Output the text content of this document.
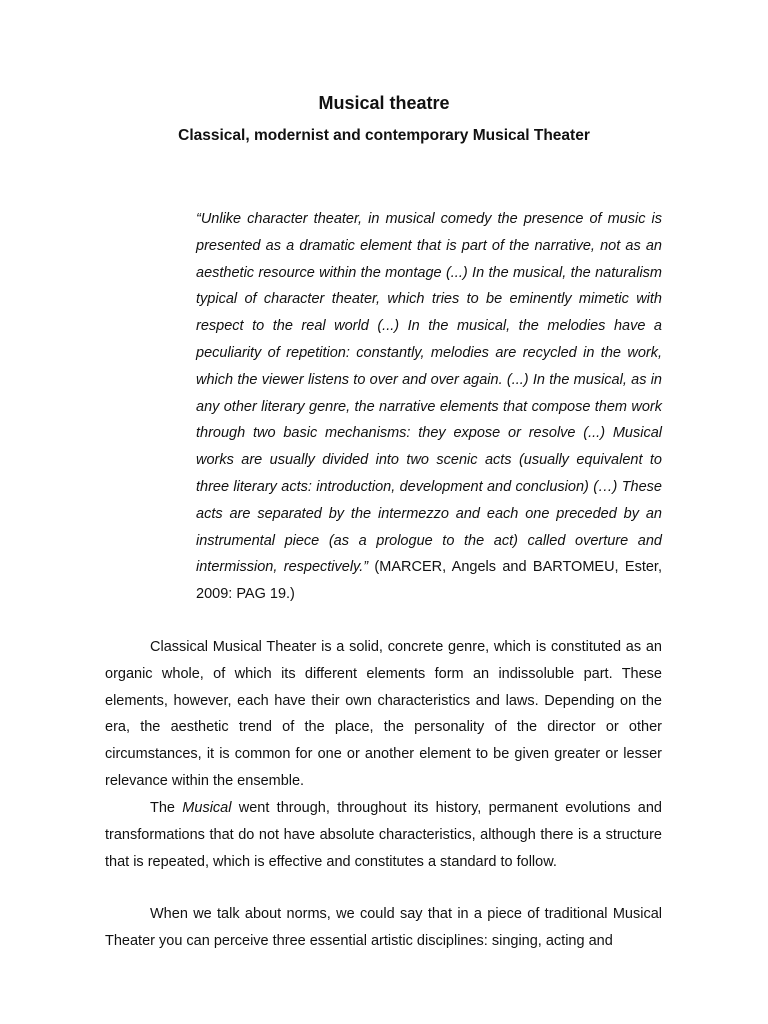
Musical theatre
Classical, modernist and contemporary Musical Theater
“Unlike character theater, in musical comedy the presence of music is presented as a dramatic element that is part of the narrative, not as an aesthetic resource within the montage (...) In the musical, the naturalism typical of character theater, which tries to be eminently mimetic with respect to the real world (...) In the musical, the melodies have a peculiarity of repetition: constantly, melodies are recycled in the work, which the viewer listens to over and over again. (...) In the musical, as in any other literary genre, the narrative elements that compose them work through two basic mechanisms: they expose or resolve (...) Musical works are usually divided into two scenic acts (usually equivalent to three literary acts: introduction, development and conclusion) (…) These acts are separated by the intermezzo and each one preceded by an instrumental piece (as a prologue to the act) called overture and intermission, respectively.” (MARCER, Angels and BARTOMEU, Ester, 2009: PAG 19.)

Classical Musical Theater is a solid, concrete genre, which is constituted as an organic whole, of which its different elements form an indissoluble part. These elements, however, each have their own characteristics and laws. Depending on the era, the aesthetic trend of the place, the personality of the director or other circumstances, it is common for one or another element to be given greater or lesser relevance within the ensemble.

The Musical went through, throughout its history, permanent evolutions and transformations that do not have absolute characteristics, although there is a structure that is repeated, which is effective and constitutes a standard to follow.

When we talk about norms, we could say that in a piece of traditional Musical Theater you can perceive three essential artistic disciplines: singing, acting and
